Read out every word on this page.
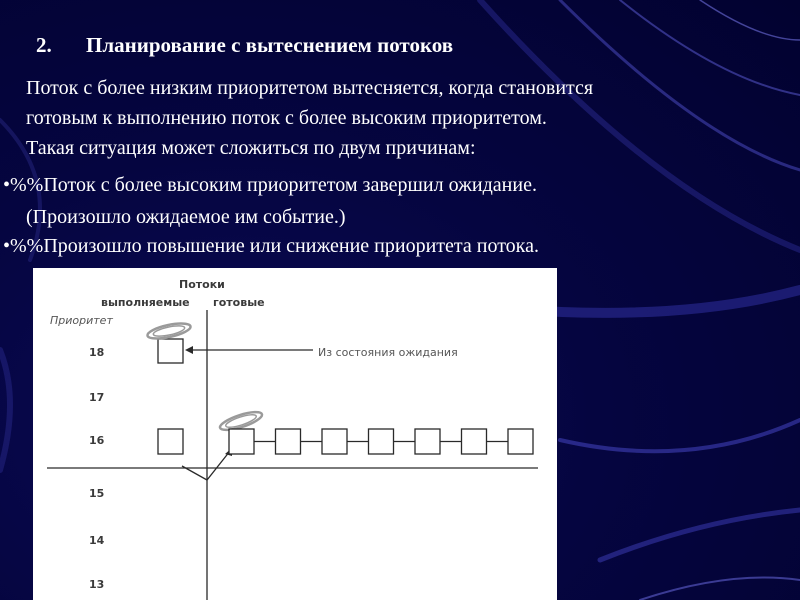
2. Планирование с вытеснением потоков
Поток с более низким приоритетом вытесняется, когда становится
готовым к выполнению поток с более высоким приоритетом.
Такая ситуация может сложиться по двум причинам:
•%%Поток с более высоким приоритетом завершил ожидание.
(Произошло ожидаемое им событие.)
•%%Произошло повышение или снижение приоритета потока.
Потоки
выполняемые готовые
Приоритет
18
17
16
15
14
13
Из состояния ожидания
